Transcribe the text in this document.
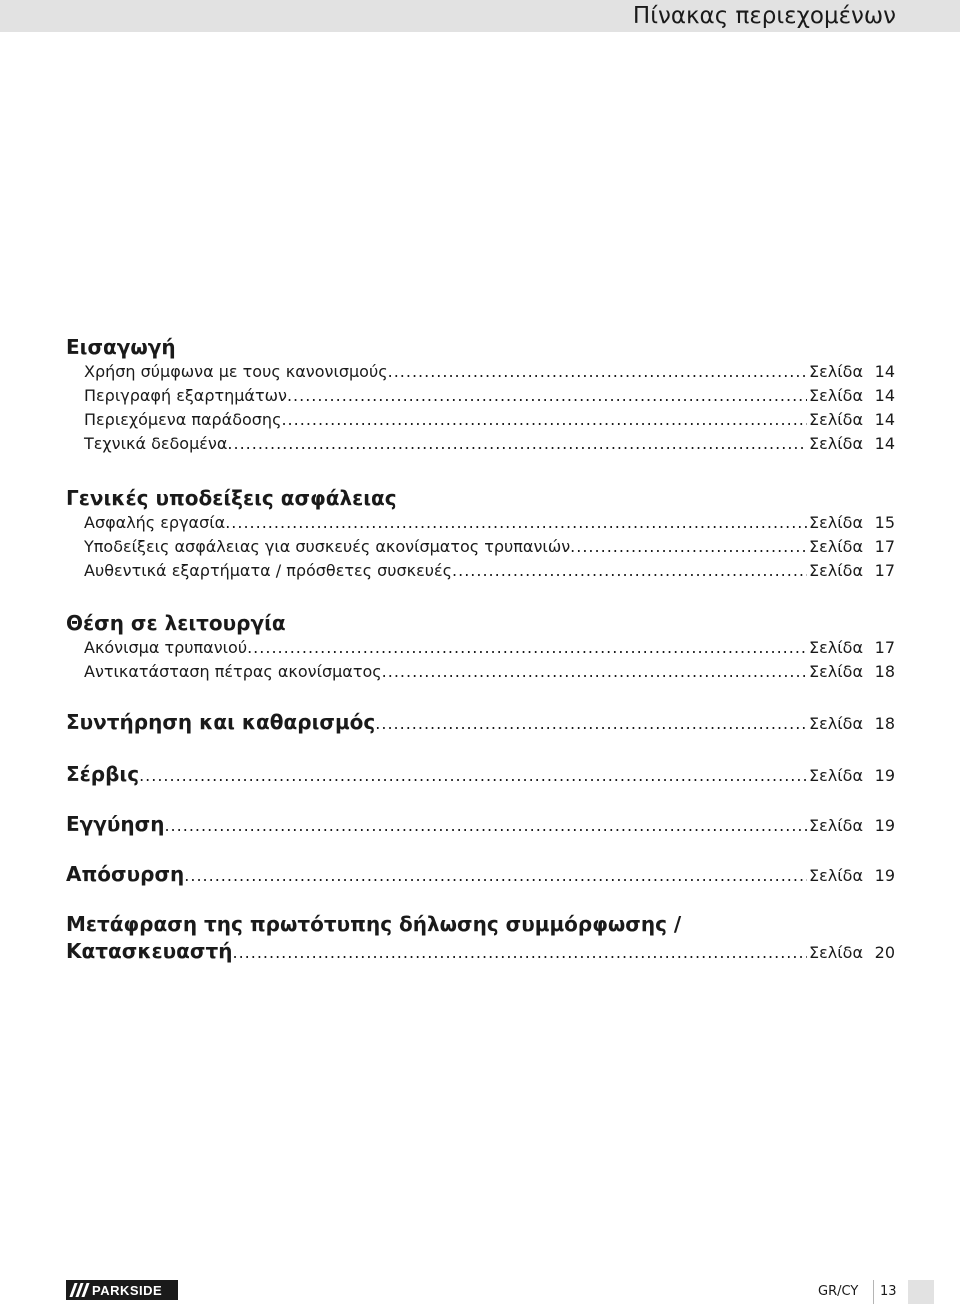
Πίνακας περιεχομένων
Εισαγωγή
Χρήση σύμφωνα με τους κανονισμούς .....	Σελίδα 14
Περιγραφή εξαρτημάτων .....	Σελίδα 14
Περιεχόμενα παράδοσης .....	Σελίδα 14
Τεχνικά δεδομένα .....	Σελίδα 14
Γενικές υποδείξεις ασφάλειας
Ασφαλής εργασία .....	Σελίδα 15
Υποδείξεις ασφάλειας για συσκευές ακονίσματος τρυπανιών .....	Σελίδα 17
Αυθεντικά εξαρτήματα / πρόσθετες συσκευές .....	Σελίδα 17
Θέση σε λειτουργία
Ακόνισμα τρυπανιού .....	Σελίδα 17
Αντικατάσταση πέτρας ακονίσματος .....	Σελίδα 18
Συντήρηση και καθαρισμός .....	Σελίδα 18
Σέρβις .....	Σελίδα 19
Εγγύηση .....	Σελίδα 19
Απόσυρση .....	Σελίδα 19
Μετάφραση της πρωτότυπης δήλωσης συμμόρφωσης /
Κατασκευαστή .....	Σελίδα 20
PARKSIDE	GR/CY 13
